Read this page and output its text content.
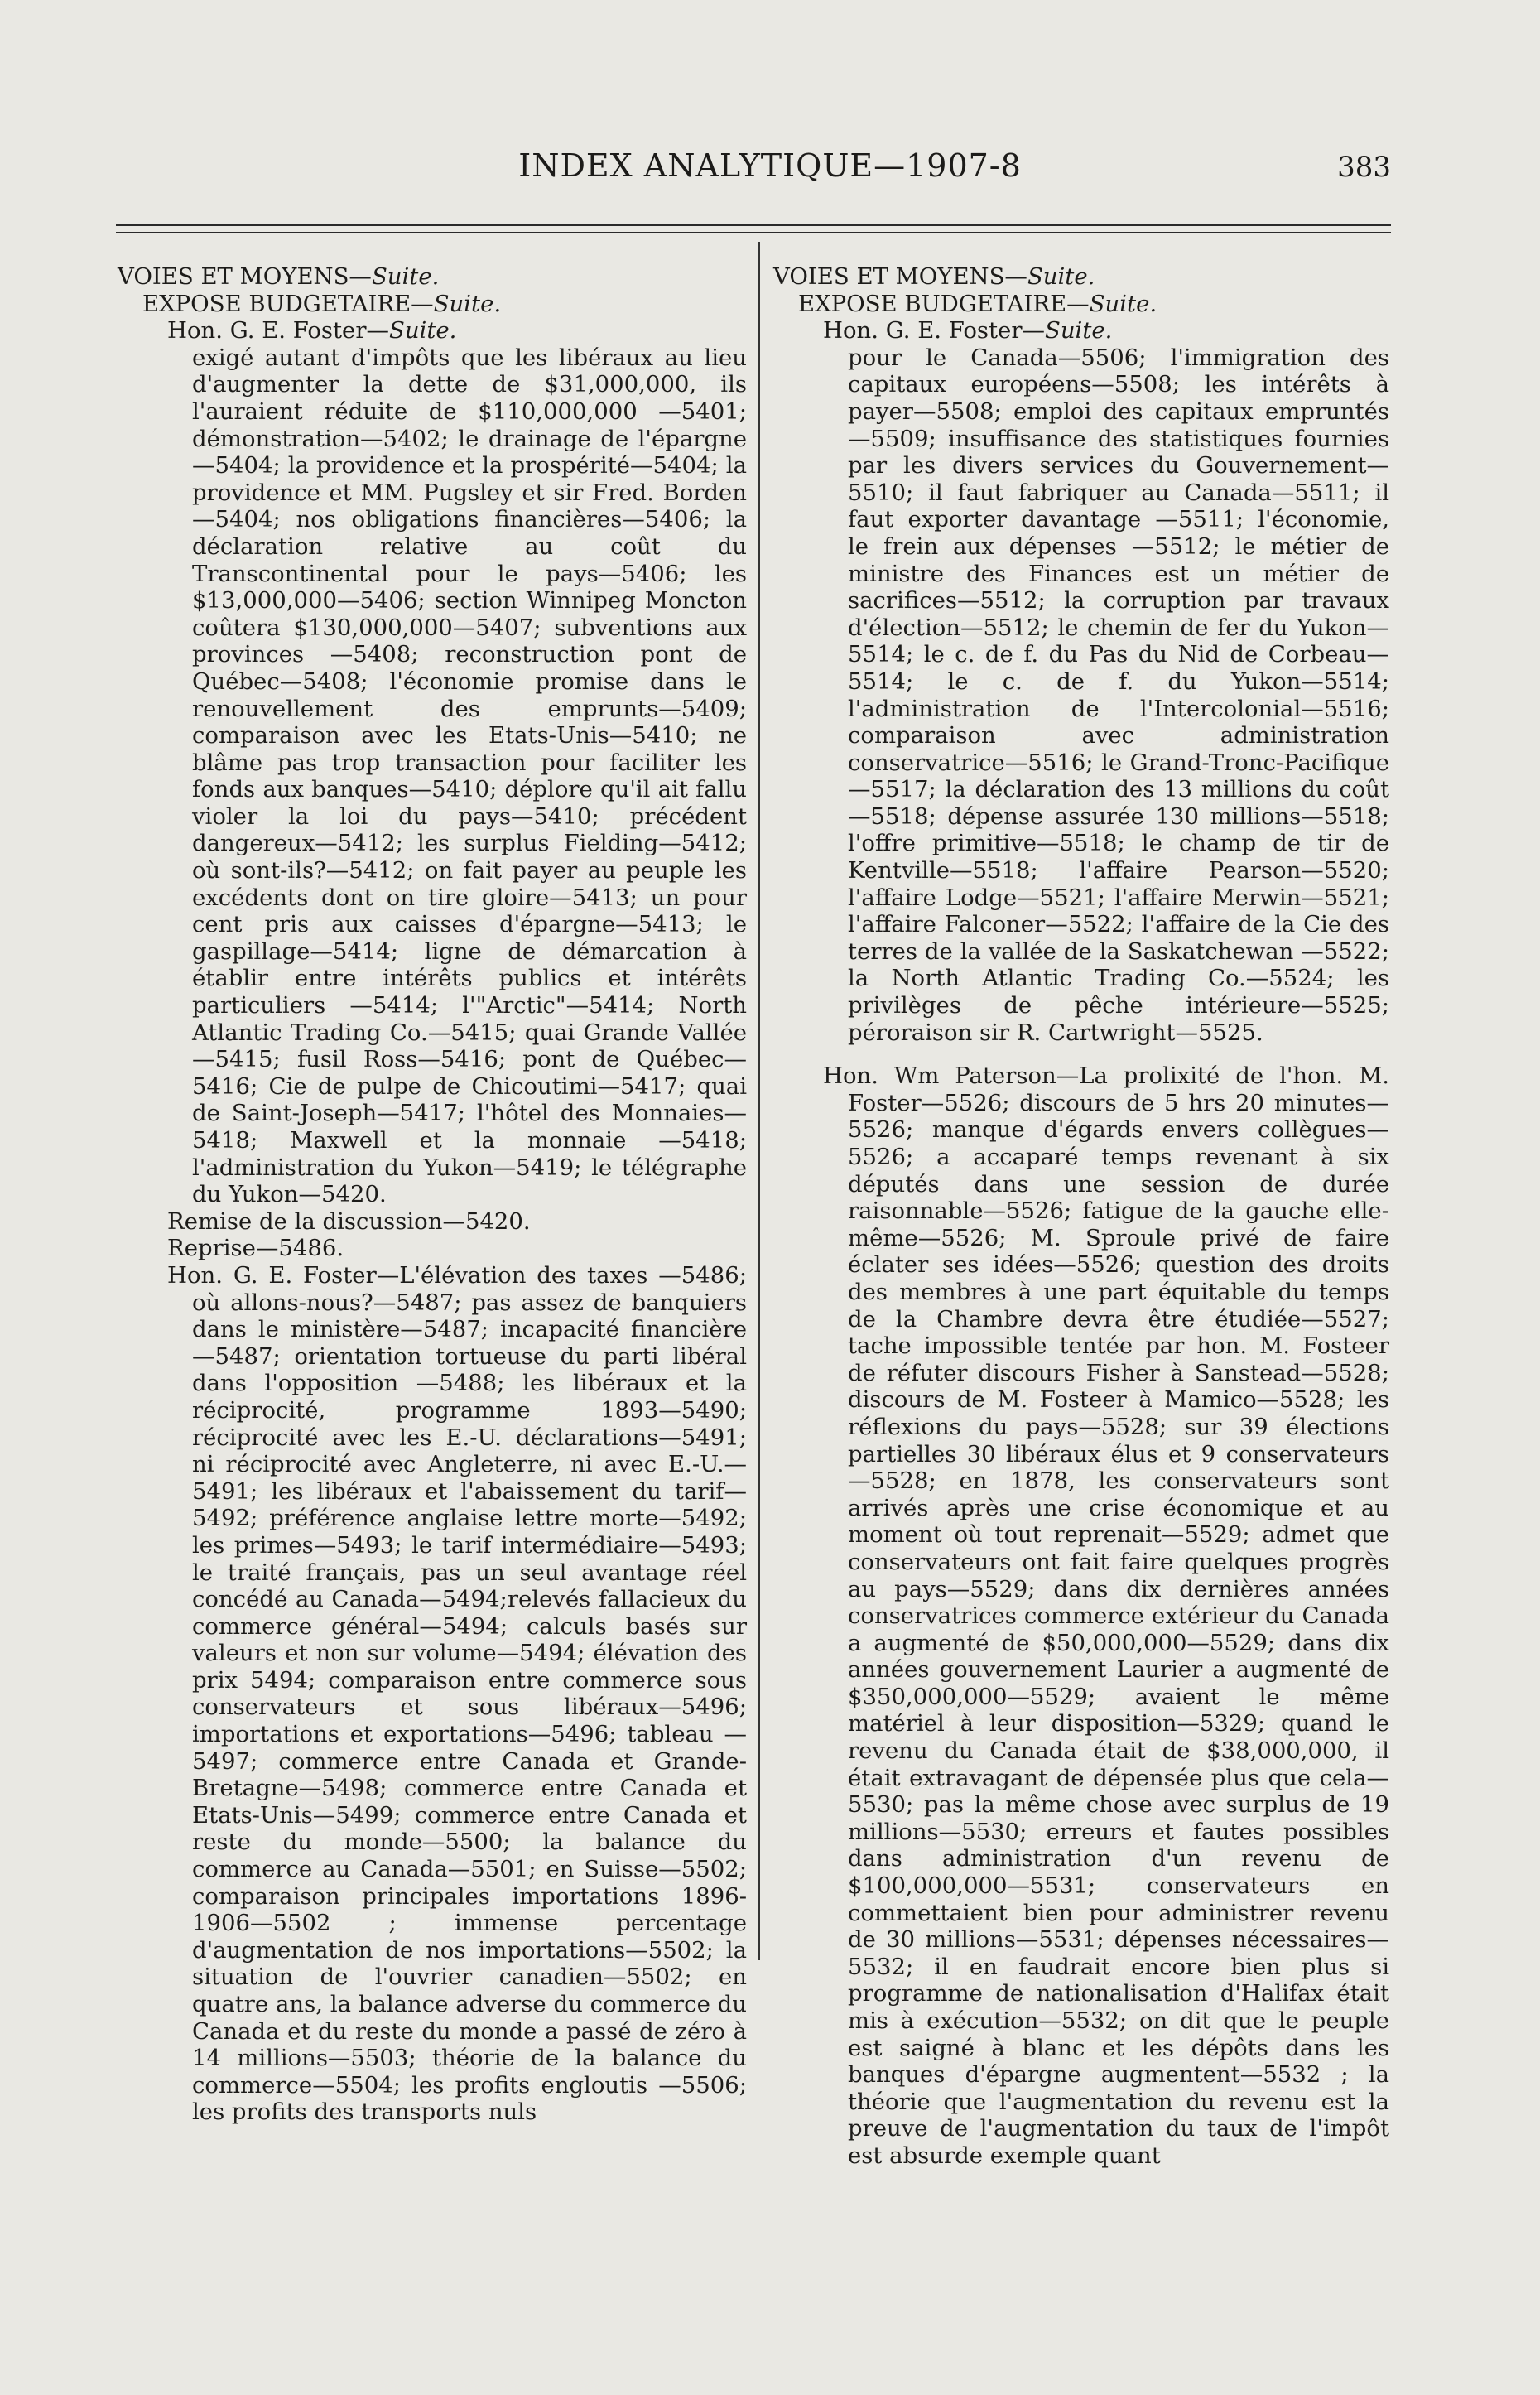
INDEX ANALYTIQUE—1907-8	383

VOIES ET MOYENS—Suite.

EXPOSE BUDGETAIRE—Suite.

Hon. G. E. Foster—Suite.

exigé autant d'impôts que les libéraux au lieu d'augmenter la dette de $31,000,000, ils l'auraient réduite de $110,000,000 —5401; démonstration—5402; le drainage de l'épargne—5404; la providence et la prospérité—5404; la providence et MM. Pugsley et sir Fred. Borden—5404; nos obligations financières—5406; la déclaration relative au coût du Transcontinental pour le pays—5406; les $13,000,000—5406; section Winnipeg Moncton coûtera $130,000,000—5407; subventions aux provinces —5408; reconstruction pont de Québec—5408; l'économie promise dans le renouvellement des emprunts—5409; comparaison avec les Etats-Unis—5410; ne blâme pas trop transaction pour faciliter les fonds aux banques—5410; déplore qu'il ait fallu violer la loi du pays—5410; précédent dangereux—5412; les surplus Fielding—5412; où sont-ils?—5412; on fait payer au peuple les excédents dont on tire gloire—5413; un pour cent pris aux caisses d'épargne—5413; le gaspillage—5414; ligne de démarcation à établir entre intérêts publics et intérêts particuliers —5414; l'"Arctic"—5414; North Atlantic Trading Co.—5415; quai Grande Vallée—5415; fusil Ross—5416; pont de Québec—5416; Cie de pulpe de Chicoutimi—5417; quai de Saint-Joseph—5417; l'hôtel des Monnaies—5418; Maxwell et la monnaie —5418; l'administration du Yukon—5419; le télégraphe du Yukon—5420.

Remise de la discussion—5420.

Reprise—5486.

Hon. G. E. Foster—L'élévation des taxes —5486; où allons-nous?—5487; pas assez de banquiers dans le ministère—5487; incapacité financière—5487; orientation tortueuse du parti libéral dans l'opposition —5488; les libéraux et la réciprocité, programme 1893—5490; réciprocité avec les E.-U. déclarations—5491; ni réciprocité avec Angleterre, ni avec E.-U.—5491; les libéraux et l'abaissement du tarif—5492; préférence anglaise lettre morte—5492; les primes—5493; le tarif intermédiaire—5493; le traité français, pas un seul avantage réel concédé au Canada—5494;relevés fallacieux du commerce général—5494; calculs basés sur valeurs et non sur volume—5494; élévation des prix 5494; comparaison entre commerce sous conservateurs et sous libéraux—5496; importations et exportations—5496; tableau —5497; commerce entre Canada et Grande-Bretagne—5498; commerce entre Canada et Etats-Unis—5499; commerce entre Canada et reste du monde—5500; la balance du commerce au Canada—5501; en Suisse—5502; comparaison principales importations 1896-1906—5502 ; immense percentage d'augmentation de nos importations—5502; la situation de l'ouvrier canadien—5502; en quatre ans, la balance adverse du commerce du Canada et du reste du monde a passé de zéro à 14 millions—5503; théorie de la balance du commerce—5504; les profits engloutis —5506; les profits des transports nuls

VOIES ET MOYENS—Suite.

EXPOSE BUDGETAIRE—Suite.

Hon. G. E. Foster—Suite.

pour le Canada—5506; l'immigration des capitaux européens—5508; les intérêts à payer—5508; emploi des capitaux empruntés—5509; insuffisance des statistiques fournies par les divers services du Gouvernement—5510; il faut fabriquer au Canada—5511; il faut exporter davantage —5511; l'économie, le frein aux dépenses —5512; le métier de ministre des Finances est un métier de sacrifices—5512; la corruption par travaux d'élection—5512; le chemin de fer du Yukon—5514; le c. de f. du Pas du Nid de Corbeau—5514; le c. de f. du Yukon—5514; l'administration de l'Intercolonial—5516; comparaison avec administration conservatrice—5516; le Grand-Tronc-Pacifique—5517; la déclaration des 13 millions du coût—5518; dépense assurée 130 millions—5518; l'offre primitive—5518; le champ de tir de Kentville—5518; l'affaire Pearson—5520; l'affaire Lodge—5521; l'affaire Merwin—5521; l'affaire Falconer—5522; l'affaire de la Cie des terres de la vallée de la Saskatchewan —5522; la North Atlantic Trading Co.—5524; les privilèges de pêche intérieure—5525; péroraison sir R. Cartwright—5525.

Hon. Wm Paterson—La prolixité de l'hon. M. Foster—5526; discours de 5 hrs 20 minutes—5526; manque d'égards envers collègues—5526; a accaparé temps revenant à six députés dans une session de durée raisonnable—5526; fatigue de la gauche elle-même—5526; M. Sproule privé de faire éclater ses idées—5526; question des droits des membres à une part équitable du temps de la Chambre devra être étudiée—5527; tache impossible tentée par hon. M. Fosteer de réfuter discours Fisher à Sanstead—5528; discours de M. Fosteer à Mamico—5528; les réflexions du pays—5528; sur 39 élections partielles 30 libéraux élus et 9 conservateurs—5528; en 1878, les conservateurs sont arrivés après une crise économique et au moment où tout reprenait—5529; admet que conservateurs ont fait faire quelques progrès au pays—5529; dans dix dernières années conservatrices commerce extérieur du Canada a augmenté de $50,000,000—5529; dans dix années gouvernement Laurier a augmenté de $350,000,000—5529; avaient le même matériel à leur disposition—5329; quand le revenu du Canada était de $38,000,000, il était extravagant de dépensée plus que cela—5530; pas la même chose avec surplus de 19 millions—5530; erreurs et fautes possibles dans administration d'un revenu de $100,000,000—5531; conservateurs en commettaient bien pour administrer revenu de 30 millions—5531; dépenses nécessaires—5532; il en faudrait encore bien plus si programme de nationalisation d'Halifax était mis à exécution—5532; on dit que le peuple est saigné à blanc et les dépôts dans les banques d'épargne augmentent—5532 ; la théorie que l'augmentation du revenu est la preuve de l'augmentation du taux de l'impôt est absurde exemple quant
